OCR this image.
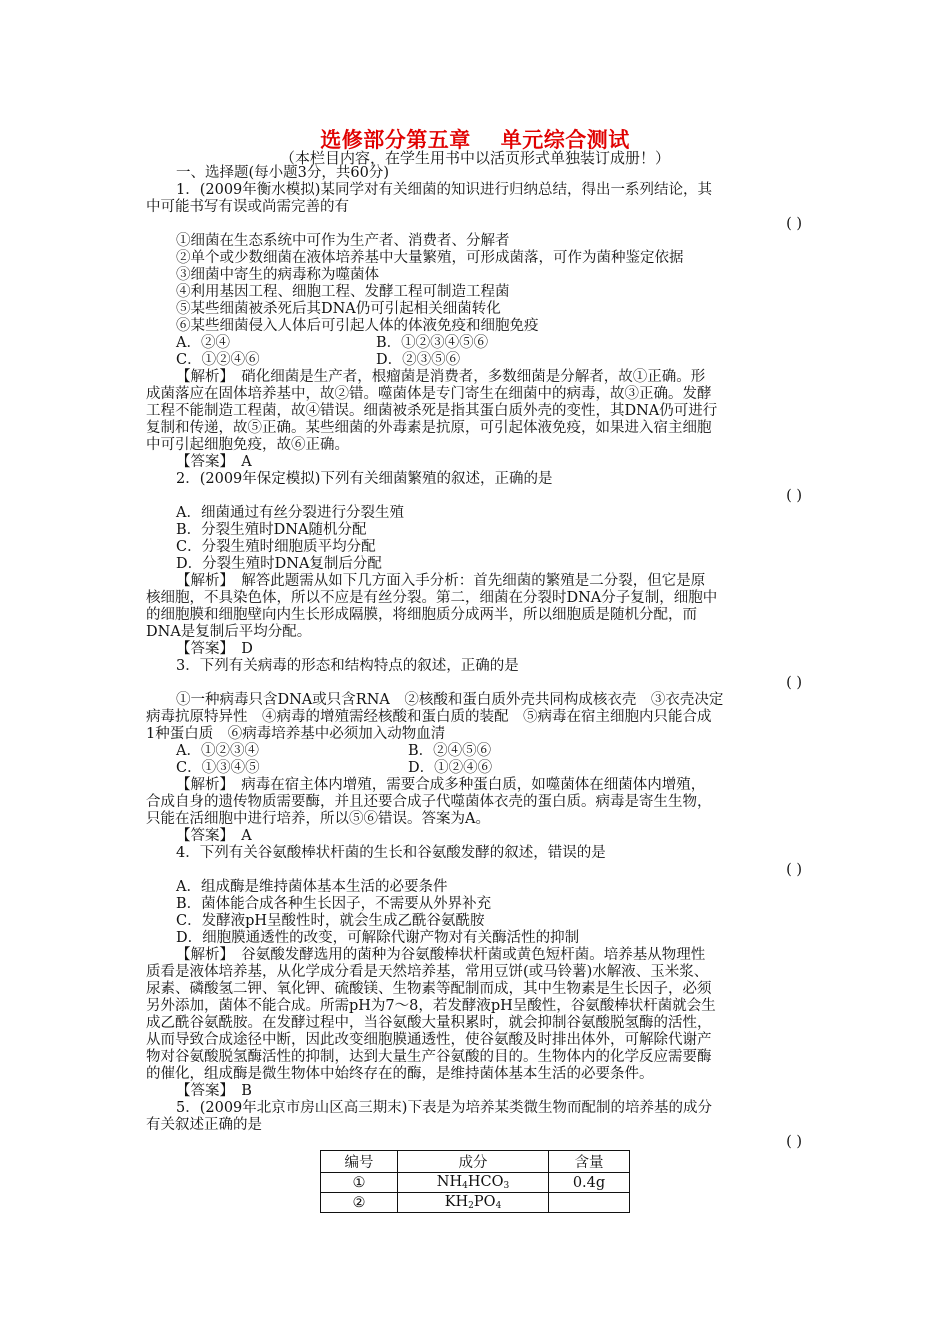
选修部分第五章 单元综合测试
（本栏目内容，在学生用书中以活页形式单独装订成册！）
一、选择题(每小题3分，共60分)
1．(2009年衡水模拟)某同学对有关细菌的知识进行归纳总结，得出一系列结论，其
中可能书写有误或尚需完善的有
( )
①细菌在生态系统中可作为生产者、消费者、分解者
②单个或少数细菌在液体培养基中大量繁殖，可形成菌落，可作为菌种鉴定依据
③细菌中寄生的病毒称为噬菌体
④利用基因工程、细胞工程、发酵工程可制造工程菌
⑤某些细菌被杀死后其DNA仍可引起相关细菌转化
⑥某些细菌侵入人体后可引起人体的体液免疫和细胞免疫
A．②④	B．①②③④⑤⑥
C．①②④⑥	D．②③⑤⑥
【解析】　硝化细菌是生产者，根瘤菌是消费者，多数细菌是分解者，故①正确。形
成菌落应在固体培养基中，故②错。噬菌体是专门寄生在细菌中的病毒，故③正确。发酵
工程不能制造工程菌，故④错误。细菌被杀死是指其蛋白质外壳的变性，其DNA仍可进行
复制和传递，故⑤正确。某些细菌的外毒素是抗原，可引起体液免疫，如果进入宿主细胞
中可引起细胞免疫，故⑥正确。
【答案】　A
2．(2009年保定模拟)下列有关细菌繁殖的叙述，正确的是
( )
A．细菌通过有丝分裂进行分裂生殖
B．分裂生殖时DNA随机分配
C．分裂生殖时细胞质平均分配
D．分裂生殖时DNA复制后分配
【解析】　解答此题需从如下几方面入手分析：首先细菌的繁殖是二分裂，但它是原
核细胞，不具染色体，所以不应是有丝分裂。第二，细菌在分裂时DNA分子复制，细胞中
的细胞膜和细胞壁向内生长形成隔膜，将细胞质分成两半，所以细胞质是随机分配，而
DNA是复制后平均分配。
【答案】　D
3．下列有关病毒的形态和结构特点的叙述，正确的是
( )
①一种病毒只含DNA或只含RNA　②核酸和蛋白质外壳共同构成核衣壳　③衣壳决定
病毒抗原特异性　④病毒的增殖需经核酸和蛋白质的装配　⑤病毒在宿主细胞内只能合成
1种蛋白质　⑥病毒培养基中必须加入动物血清
A．①②③④	B．②④⑤⑥
C．①③④⑤	D．①②④⑥
【解析】　病毒在宿主体内增殖，需要合成多种蛋白质，如噬菌体在细菌体内增殖，
合成自身的遗传物质需要酶，并且还要合成子代噬菌体衣壳的蛋白质。病毒是寄生生物，
只能在活细胞中进行培养，所以⑤⑥错误。答案为A。
【答案】　A
4．下列有关谷氨酸棒状杆菌的生长和谷氨酸发酵的叙述，错误的是
( )
A．组成酶是维持菌体基本生活的必要条件
B．菌体能合成各种生长因子，不需要从外界补充
C．发酵液pH呈酸性时，就会生成乙酰谷氨酰胺
D．细胞膜通透性的改变，可解除代谢产物对有关酶活性的抑制
【解析】　谷氨酸发酵选用的菌种为谷氨酸棒状杆菌或黄色短杆菌。培养基从物理性
质看是液体培养基，从化学成分看是天然培养基，常用豆饼(或马铃薯)水解液、玉米浆、
尿素、磷酸氢二钾、氧化钾、硫酸镁、生物素等配制而成，其中生物素是生长因子，必须
另外添加，菌体不能合成。所需pH为7～8，若发酵液pH呈酸性，谷氨酸棒状杆菌就会生
成乙酰谷氨酰胺。在发酵过程中，当谷氨酸大量积累时，就会抑制谷氨酸脱氢酶的活性，
从而导致合成途径中断，因此改变细胞膜通透性，使谷氨酸及时排出体外，可解除代谢产
物对谷氨酸脱氢酶活性的抑制，达到大量生产谷氨酸的目的。生物体内的化学反应需要酶
的催化，组成酶是微生物体中始终存在的酶，是维持菌体基本生活的必要条件。
【答案】　B
5．(2009年北京市房山区高三期末)下表是为培养某类微生物而配制的培养基的成分
有关叙述正确的是
( )
编号	成分	含量
①	$NH_4HCO_3$	0.4g
②	$KH_2PO_4$	
